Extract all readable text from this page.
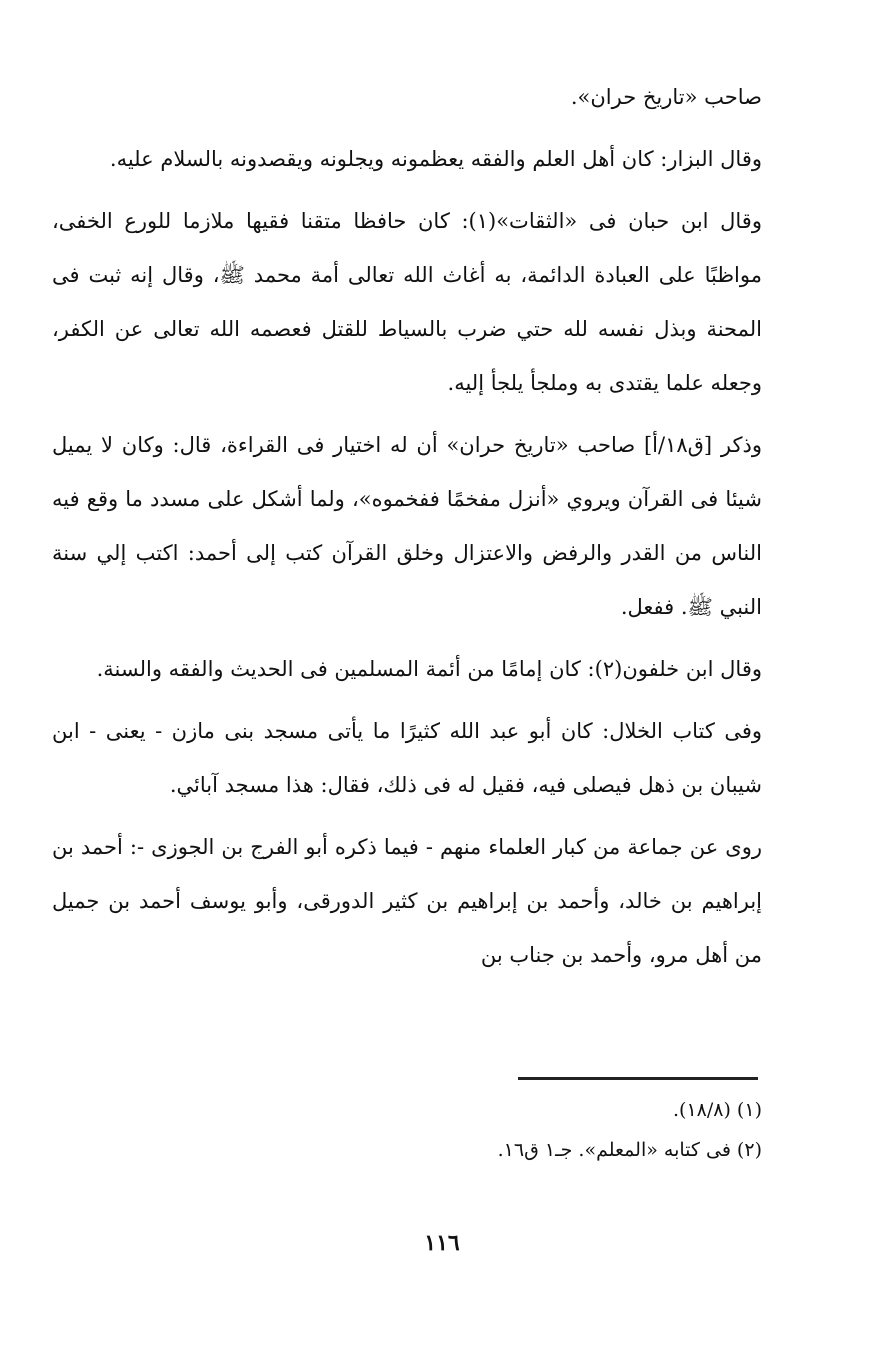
صاحب «تاريخ حران».

وقال البزار: كان أهل العلم والفقه يعظمونه ويجلونه ويقصدونه بالسلام عليه.

وقال ابن حبان فى «الثقات»(١): كان حافظا متقنا فقيها ملازما للورع الخفى، مواظبًا على العبادة الدائمة، به أغاث الله تعالى أمة محمد ﷺ، وقال إنه ثبت فى المحنة وبذل نفسه لله حتي ضرب بالسياط للقتل فعصمه الله تعالى عن الكفر، وجعله علما يقتدى به وملجأ يلجأ إليه.

وذكر [ق١٨/أ] صاحب «تاريخ حران» أن له اختيار فى القراءة، قال: وكان لا يميل شيئا فى القرآن ويروي «أنزل مفخمًا ففخموه»، ولما أشكل على مسدد ما وقع فيه الناس من القدر والرفض والاعتزال وخلق القرآن كتب إلى أحمد: اكتب إلي سنة النبي ﷺ. ففعل.

وقال ابن خلفون(٢): كان إمامًا من أئمة المسلمين فى الحديث والفقه والسنة.

وفى كتاب الخلال: كان أبو عبد الله كثيرًا ما يأتى مسجد بنى مازن - يعنى - ابن شيبان بن ذهل فيصلى فيه، فقيل له فى ذلك، فقال: هذا مسجد آبائي.

روى عن جماعة من كبار العلماء منهم - فيما ذكره أبو الفرج بن الجوزى -: أحمد بن إبراهيم بن خالد، وأحمد بن إبراهيم بن كثير الدورقى، وأبو يوسف أحمد بن جميل من أهل مرو، وأحمد بن جناب بن

(١) (١٨/٨).

(٢) فى كتابه «المعلم». جـ١ ق١٦.

١١٦
